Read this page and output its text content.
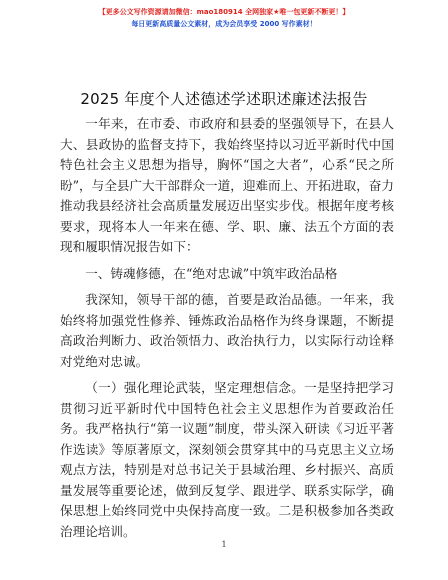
【更多公文写作资源请加微信：mao180914 全网独家★唯一包更新不断更！】
每日更新高质量公文素材，成为会员享受 2000 写作素材！
2025 年度个人述德述学述职述廉述法报告

一年来，在市委、市政府和县委的坚强领导下，在县人大、县政协的监督支持下，我始终坚持以习近平新时代中国特色社会主义思想为指导，胸怀“国之大者”，心系“民之所盼”，与全县广大干部群众一道，迎难而上、开拓进取，奋力推动我县经济社会高质量发展迈出坚实步伐。根据年度考核要求，现将本人一年来在德、学、职、廉、法五个方面的表现和履职情况报告如下：

一、铸魂修德，在“绝对忠诚”中筑牢政治品格

我深知，领导干部的德，首要是政治品德。一年来，我始终将加强党性修养、锤炼政治品格作为终身课题，不断提高政治判断力、政治领悟力、政治执行力，以实际行动诠释对党绝对忠诚。

（一）强化理论武装，坚定理想信念。一是坚持把学习贯彻习近平新时代中国特色社会主义思想作为首要政治任务。我严格执行“第一议题”制度，带头深入研读《习近平著作选读》等原著原文，深刻领会贯穿其中的马克思主义立场观点方法，特别是对总书记关于县域治理、乡村振兴、高质量发展等重要论述，做到反复学、跟进学、联系实际学，确保思想上始终同党中央保持高度一致。二是积极参加各类政治理论培训。

1
